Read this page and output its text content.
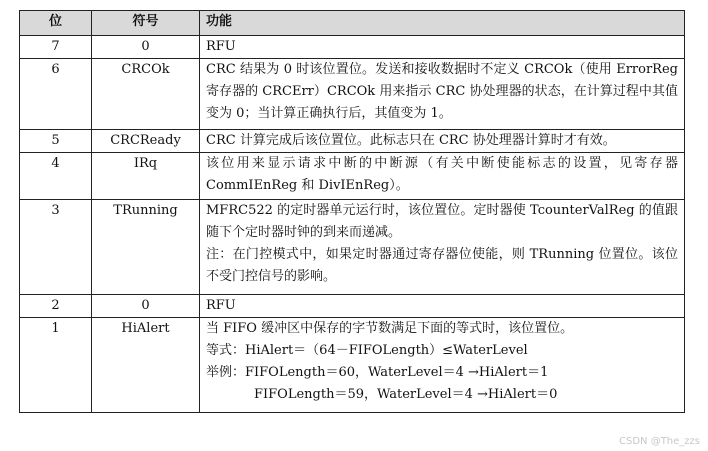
位	符号	功能
7	0	RFU

6	CRCOk	CRC 结果为 0 时该位置位。发送和接收数据时不定义 CRCOk（使用 ErrorReg 寄存器的 CRCErr）CRCOk 用来指示 CRC 协处理器的状态，在计算过程中其值变为 0；当计算正确执行后，其值变为 1。

5	CRCReady	CRC 计算完成后该位置位。此标志只在 CRC 协处理器计算时才有效。

4	IRq	该位用来显示请求中断的中断源（有关中断使能标志的设置，见寄存器 CommIEnReg 和 DivIEnReg）。

3	TRunning	MFRC522 的定时器单元运行时，该位置位。定时器使 TcounterValReg 的值跟随下个定时器时钟的到来而递减。
注：在门控模式中，如果定时器通过寄存器位使能，则 TRunning 位置位。该位不受门控信号的影响。

2	0	RFU

1	HiAlert	当 FIFO 缓冲区中保存的字节数满足下面的等式时，该位置位。
等式：HiAlert＝（64－FIFOLength）≤WaterLevel
举例：FIFOLength＝60，WaterLevel＝4 →HiAlert＝1
FIFOLength＝59，WaterLevel＝4 →HiAlert＝0
CSDN @The_zzs
